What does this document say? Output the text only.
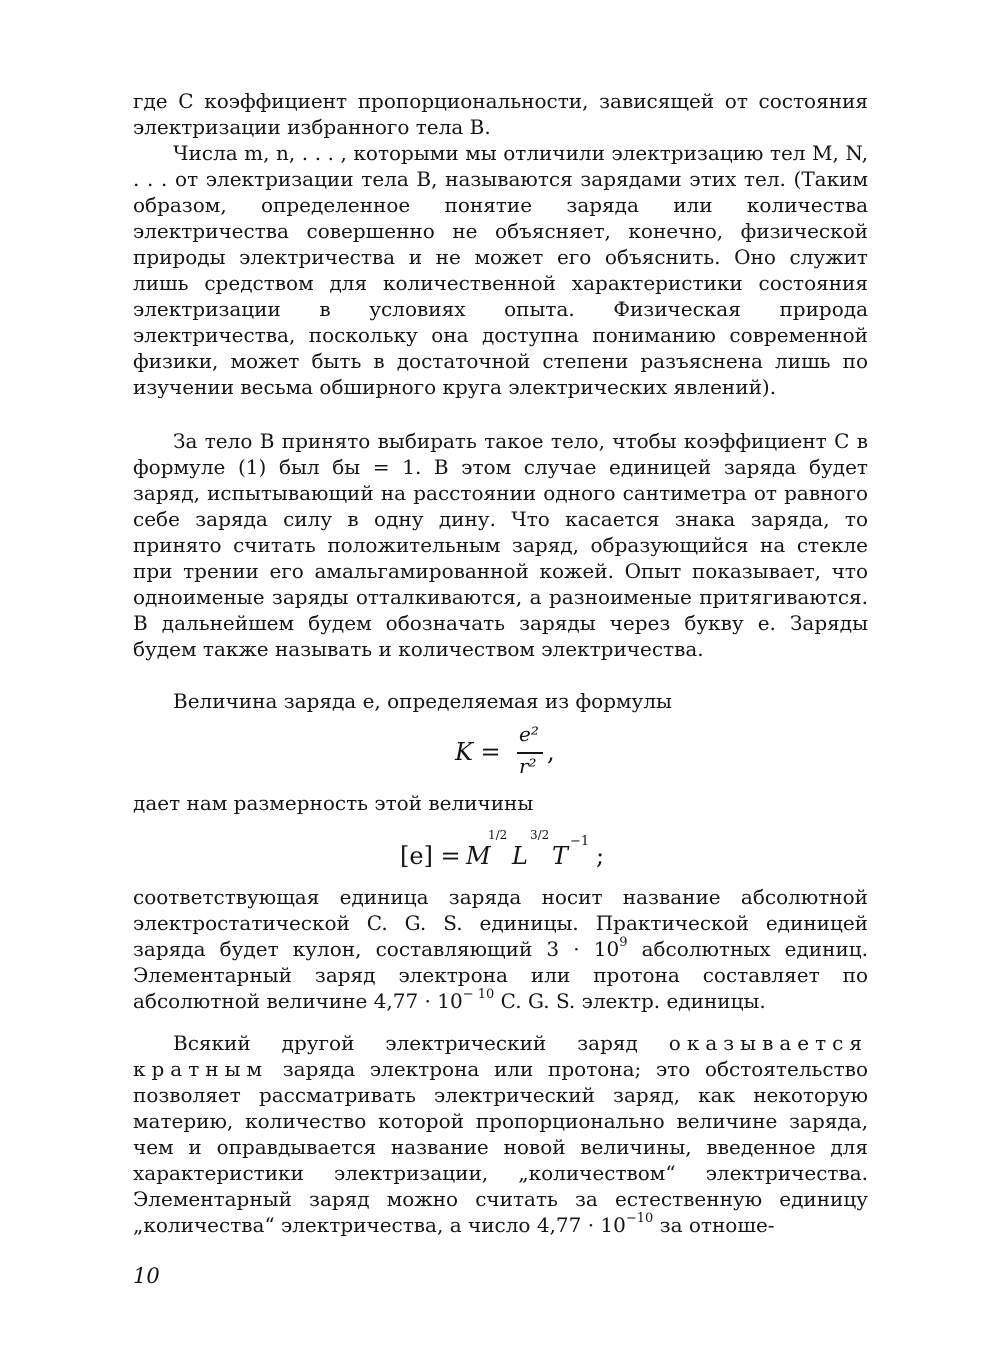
где C коэффициент пропорциональности, зависящей от состояния электризации избранного тела B.

Числа m, n, . . . , которыми мы отличили электризацию тел M, N, . . . от электризации тела B, называются зарядами этих тел. (Таким образом, определенное понятие заряда или количества электричества совершенно не объясняет, конечно, физической природы электричества и не может его объяснить. Оно служит лишь средством для количественной характеристики состояния электризации в условиях опыта. Физическая природа электричества, поскольку она доступна пониманию современной физики, может быть в достаточной степени разъяснена лишь по изучении весьма обширного круга электрических явлений).

За тело B принято выбирать такое тело, чтобы коэффициент C в формуле (1) был бы = 1. В этом случае единицей заряда будет заряд, испытывающий на расстоянии одного сантиметра от равного себе заряда силу в одну дину. Что касается знака заряда, то принято считать положительным заряд, образующийся на стекле при трении его амальгамированной кожей. Опыт показывает, что одноименые заряды отталкиваются, а разноименые притягиваются. В дальнейшем будем обозначать заряды через букву e. Заряды будем также называть и количеством электричества.

Величина заряда e, определяемая из формулы

K =
e²
r² ,

дает нам размерность этой величины

[e] = M
1/2
L
3/2
T
−1
;

соответствующая единица заряда носит название абсолютной электростатической C. G. S. единицы. Практической единицей заряда будет кулон, составляющий $3 \cdot 10^9$ абсолютных единиц. Элементарный заряд электрона или протона составляет по абсолютной величине $4,77 \cdot 10^{- 10}$ C. G. S. электр. единицы.

Всякий другой электрический заряд оказывается кратным заряда электрона или протона; это обстоятельство позволяет рассматривать электрический заряд, как некоторую материю, количество которой пропорционально величине заряда, чем и оправдывается название новой величины, введенное для характеристики электризации, „количеством“ электричества. Элементарный заряд можно считать за естественную единицу „количества“ электричества, а число $4,77 \cdot 10^{-10}$ за отноше-

10
